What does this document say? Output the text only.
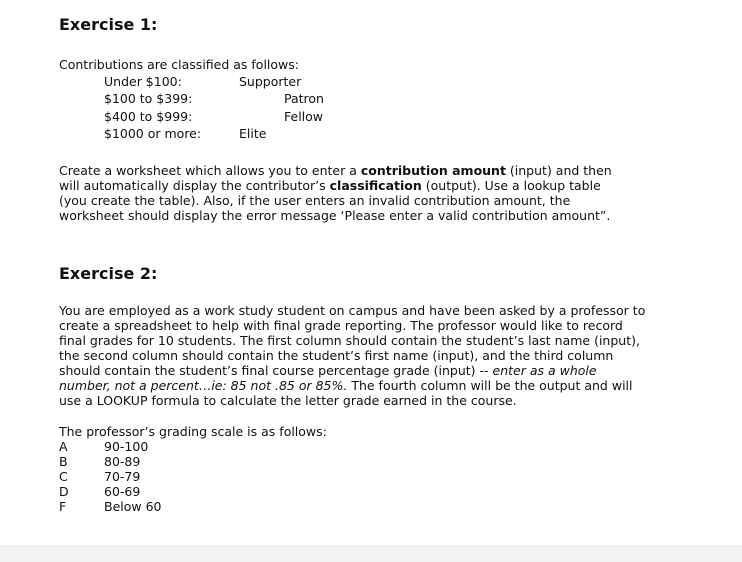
Exercise 1:
Contributions are classified as follows:
Under $100:	Supporter
$100 to $399:	Patron
$400 to $999:	Fellow
$1000 or more:	Elite
Create a worksheet which allows you to enter a contribution amount (input) and then
will automatically display the contributor’s classification (output). Use a lookup table
(you create the table). Also, if the user enters an invalid contribution amount, the
worksheet should display the error message ‘Please enter a valid contribution amount”.
Exercise 2:
You are employed as a work study student on campus and have been asked by a professor to
create a spreadsheet to help with final grade reporting. The professor would like to record
final grades for 10 students. The first column should contain the student’s last name (input),
the second column should contain the student’s first name (input), and the third column
should contain the student’s final course percentage grade (input) -- enter as a whole
number, not a percent…ie: 85 not .85 or 85%. The fourth column will be the output and will
use a LOOKUP formula to calculate the letter grade earned in the course.
The professor’s grading scale is as follows:
A	90-100
B	80-89
C	70-79
D	60-69
F	Below 60
